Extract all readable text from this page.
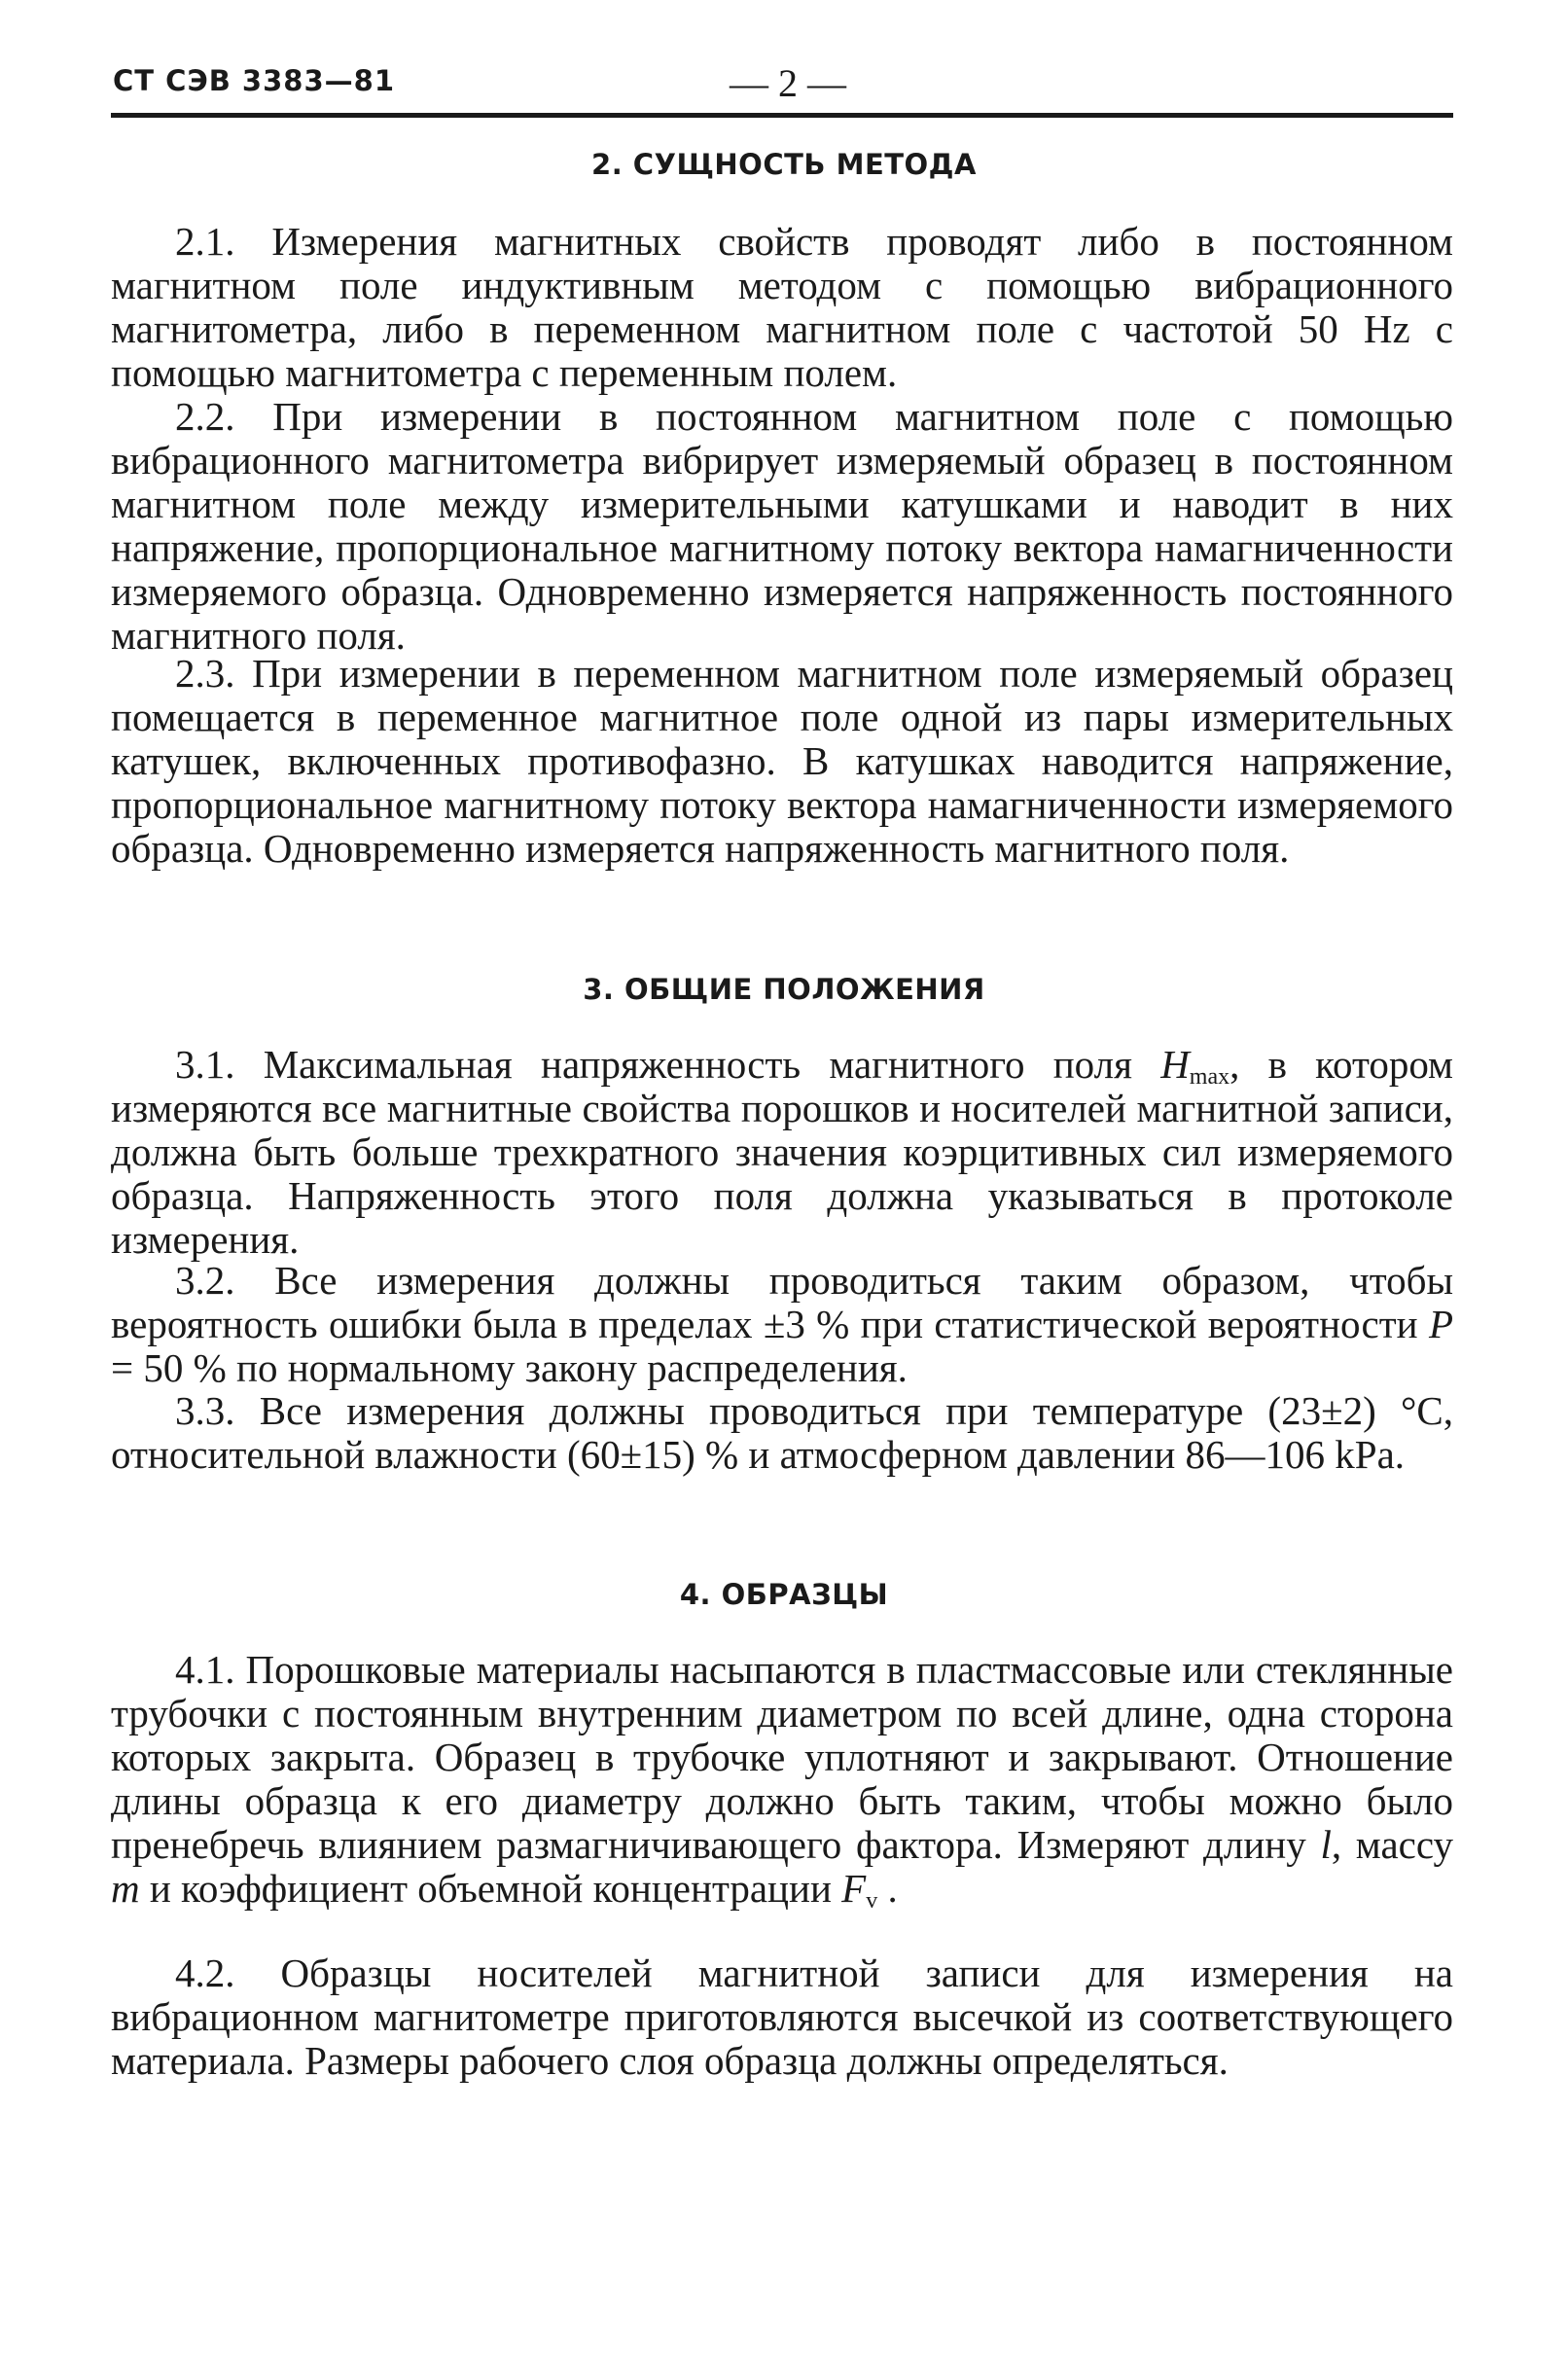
СТ СЭВ 3383—81	— 2 —
2. СУЩНОСТЬ МЕТОДА

2.1. Измерения магнитных свойств проводят либо в постоянном магнитном поле индуктивным методом с помощью вибрационного магнитометра, либо в переменном магнитном поле с частотой 50 Hz с помощью магнитометра с переменным полем.

2.2. При измерении в постоянном магнитном поле с помощью вибрационного магнитометра вибрирует измеряемый образец в постоянном магнитном поле между измерительными катушками и наводит в них напряжение, пропорциональное магнитному потоку вектора намагниченности измеряемого образца. Одновременно измеряется напряженность постоянного магнитного поля.

2.3. При измерении в переменном магнитном поле измеряемый образец помещается в переменное магнитное поле одной из пары измерительных катушек, включенных противофазно. В катушках наводится напряжение, пропорциональное магнитному потоку вектора намагниченности измеряемого образца. Одновременно измеряется напряженность магнитного поля.

3. ОБЩИЕ ПОЛОЖЕНИЯ

3.1. Максимальная напряженность магнитного поля $H_{max}$, в котором измеряются все магнитные свойства порошков и носителей магнитной записи, должна быть больше трехкратного значения коэрцитивных сил измеряемого образца. Напряженность этого поля должна указываться в протоколе измерения.

3.2. Все измерения должны проводиться таким образом, чтобы вероятность ошибки была в пределах ±3 % при статистической вероятности P = 50 % по нормальному закону распределения.

3.3. Все измерения должны проводиться при температуре (23±2) °С, относительной влажности (60±15) % и атмосферном давлении 86—106 kPa.

4. ОБРАЗЦЫ

4.1. Порошковые материалы насыпаются в пластмассовые или стеклянные трубочки с постоянным внутренним диаметром по всей длине, одна сторона которых закрыта. Образец в трубочке уплотняют и закрывают. Отношение длины образца к его диаметру должно быть таким, чтобы можно было пренебречь влиянием размагничивающего фактора. Измеряют длину l, массу m и коэффициент объемной концентрации $F_v$ .

4.2. Образцы носителей магнитной записи для измерения на вибрационном магнитометре приготовляются высечкой из соответствующего материала. Размеры рабочего слоя образца должны определяться.
